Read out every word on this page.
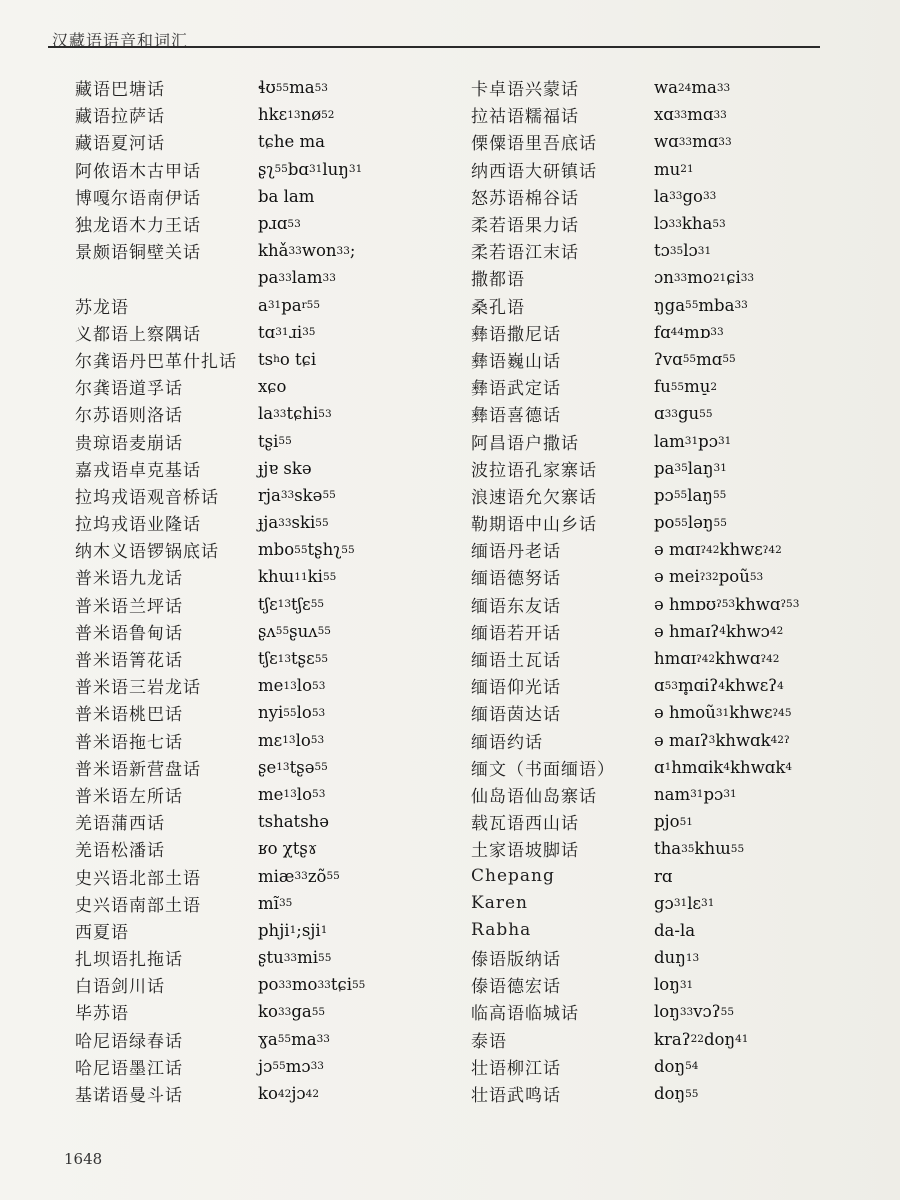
汉藏语语音和词汇
藏语巴塘话
藏语拉萨话
藏语夏河话
阿侬语木古甲话
博嘎尔语南伊话
独龙语木力王话
景颇语铜壁关话
苏龙语
义都语上察隅话
尔龚语丹巴革什扎话
尔龚语道孚话
尔苏语则洛话
贵琼语麦崩话
嘉戎语卓克基话
拉坞戎语观音桥话
拉坞戎语业隆话
纳木义语锣锅底话
普米语九龙话
普米语兰坪话
普米语鲁甸话
普米语箐花话
普米语三岩龙话
普米语桃巴话
普米语拖七话
普米语新营盘话
普米语左所话
羌语蒲西话
羌语松潘话
史兴语北部土语
史兴语南部土语
西夏语
扎坝语扎拖话
白语剑川话
毕苏语
哈尼语绿春话
哈尼语墨江话
基诺语曼斗话
ɬʊ 55 ma 53
hkɛ 13 nø 52
tɕhe ma
ʂʅ 55 bɑ 31 luŋ 31
ba lam
pɹɑ 53
khǎ 33 won 33 ;
pa 33 lam 33
a 31 pa r55
tɑ 31 ɹi 35
ts h o tɕi
xɕo
la 33 tɕhi 53
tʂi 55
ɟjɐ skə
rja 33 skə 55
ɟja 33 ski 55
mbo 55 tʂhʅ 55
khɯ 11 ki 55
tʃɛ 13 tʃɛ 55
ʂʌ 55 ʂuʌ 55
tʃɛ 13 tʂɛ 55
me 13 lo 53
nyi 55 lo 53
mɛ 13 lo 53
ʂe 13 tʂə 55
me 13 lo 53
tshatshə
ʁo χtʂɤ
miæ 33 zõ 55
mĩ 35
phji 1 ;sji 1
ʂtu 33 mi 55
po 33 mo 33 tɕi 55
ko 33 ga 55
ɣa 55 ma 33
jɔ 55 mɔ 33
ko 42 jɔ 42
卡卓语兴蒙话
拉祜语糯福话
傈僳语里吾底话
纳西语大研镇话
怒苏语棉谷话
柔若语果力话
柔若语江末话
撒都语
桑孔语
彝语撒尼话
彝语巍山话
彝语武定话
彝语喜德话
阿昌语户撒话
波拉语孔家寨话
浪速语允欠寨话
勒期语中山乡话
缅语丹老话
缅语德努话
缅语东友话
缅语若开话
缅语土瓦话
缅语仰光话
缅语茵达话
缅语约话
缅文（书面缅语）
仙岛语仙岛寨话
载瓦语西山话
土家语坡脚话
Chepang
Karen
Rabha
傣语版纳话
傣语德宏话
临高语临城话
泰语
壮语柳江话
壮语武鸣话
wa 24 ma 33
xɑ 33 mɑ 33
wɑ 33 mɑ 33
mu 21
la 33 go 33
lɔ 33 kha 53
tɔ 35 lɔ 31
ɔn 33 mo 21 ɕi 33
ŋga 55 mba 33
fɑ 44 mɒ 33
ʔvɑ 55 mɑ 55
fu 55 mu̠ 2
ɑ 33 gu 55
lam 31 pɔ 31
pa 35 laŋ 31
pɔ 55 laŋ 55
po 55 ləŋ 55
ə mɑɪ ʔ42 khwɛ ʔ42
ə mei ʔ32 poũ 53
ə hmɒʊ ʔ53 khwɑ ʔ53
ə hmaɪʔ 4 khwɔ 42
hmɑɪ ʔ42 khwɑ ʔ42
ɑ 53 m̥ɑiʔ 4 khwɛʔ 4
ə hmoũ 31 khwɛ ʔ45
ə maɪʔ 3 khwɑk 42ʔ
ɑ 1 hmɑik 4 khwɑk 4
nam 31 pɔ 31
pjo 51
tha 35 khɯ 55
rɑ
gɔ 31 lɛ 31
da-la
duŋ 13
loŋ 31
loŋ 33 vɔʔ 55
kraʔ 22 doŋ 41
doŋ 54
doŋ 55
1648
